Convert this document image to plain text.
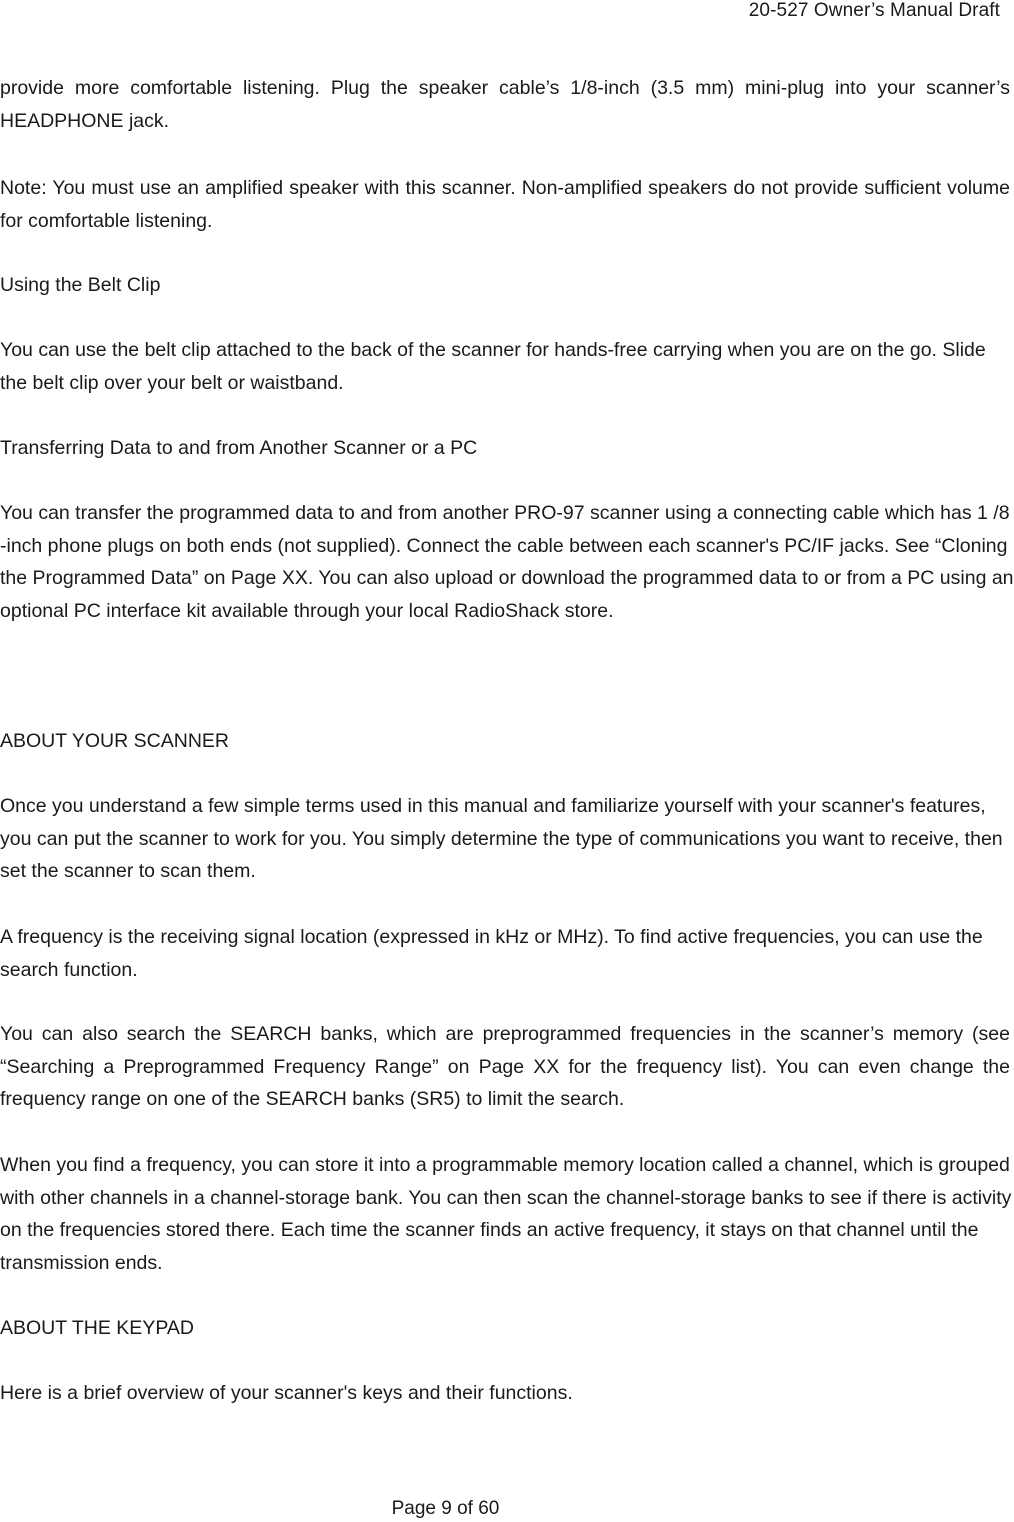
20-527 Owner’s Manual Draft

provide more comfortable listening. Plug the speaker cable’s 1/8-inch (3.5 mm) mini-plug into your scanner’s HEADPHONE jack.

Note: You must use an amplified speaker with this scanner. Non-amplified speakers do not provide sufficient volume for comfortable listening.

Using the Belt Clip

You can use the belt clip attached to the back of the scanner for hands-free carrying when you are on the go. Slide the belt clip over your belt or waistband.

Transferring Data to and from Another Scanner or a PC

You can transfer the programmed data to and from another PRO-97 scanner using a connecting cable which has 1 /8 -inch phone plugs on both ends (not supplied). Connect the cable between each scanner's PC/IF jacks. See “Cloning the Programmed Data” on Page XX. You can also upload or download the programmed data to or from a PC using an optional PC interface kit available through your local RadioShack store.

ABOUT YOUR SCANNER

Once you understand a few simple terms used in this manual and familiarize yourself with your scanner's features, you can put the scanner to work for you. You simply determine the type of communications you want to receive, then set the scanner to scan them.

A frequency is the receiving signal location (expressed in kHz or MHz). To find active frequencies, you can use the search function.

You can also search the SEARCH banks, which are preprogrammed frequencies in the scanner’s memory (see “Searching a Preprogrammed Frequency Range” on Page XX for the frequency list). You can even change the frequency range on one of the SEARCH banks (SR5) to limit the search.

When you find a frequency, you can store it into a programmable memory location called a channel, which is grouped with other channels in a channel-storage bank. You can then scan the channel-storage banks to see if there is activity on the frequencies stored there. Each time the scanner finds an active frequency, it stays on that channel until the transmission ends.

ABOUT THE KEYPAD

Here is a brief overview of your scanner's keys and their functions.

Page 9 of 60
